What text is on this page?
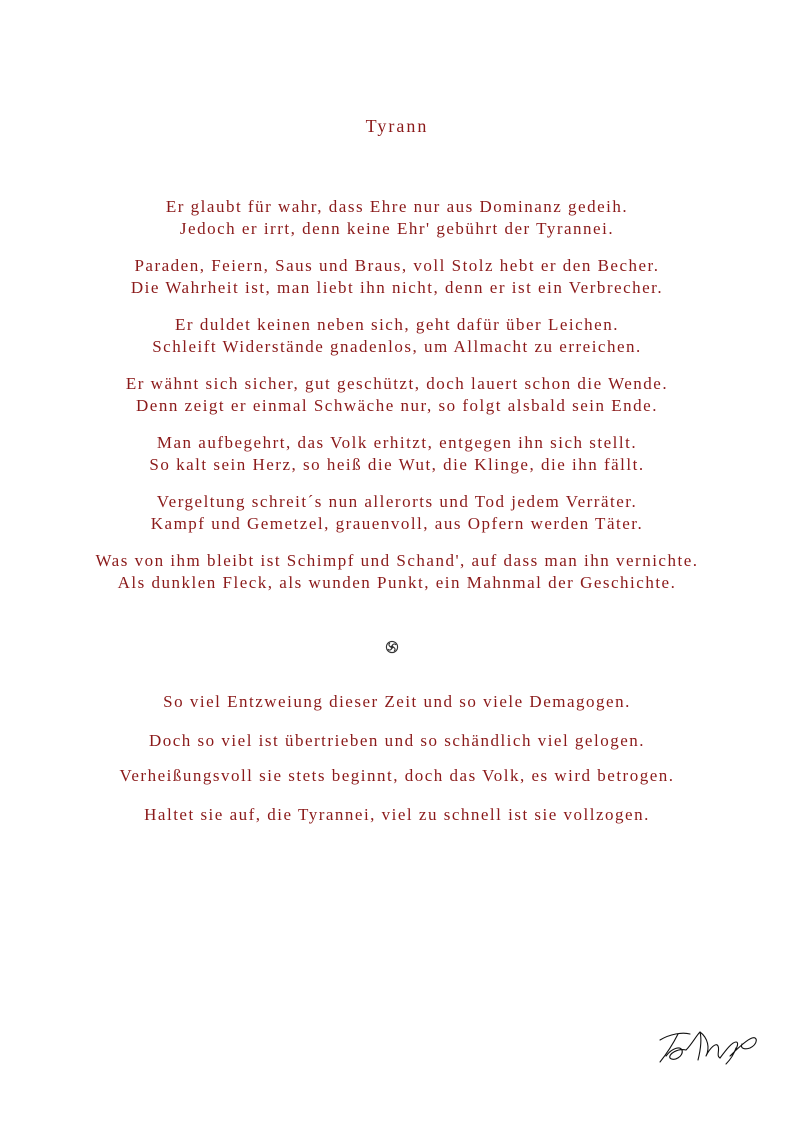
Tyrann
Er glaubt für wahr, dass Ehre nur aus Dominanz gedeih.
Jedoch er irrt, denn keine Ehr' gebührt der Tyrannei.
Paraden, Feiern, Saus und Braus, voll Stolz hebt er den Becher.
Die Wahrheit ist, man liebt ihn nicht, denn er ist ein Verbrecher.
Er duldet keinen neben sich, geht dafür über Leichen.
Schleift Widerstände gnadenlos, um Allmacht zu erreichen.
Er wähnt sich sicher, gut geschützt, doch lauert schon die Wende.
Denn zeigt er einmal Schwäche nur, so folgt alsbald sein Ende.
Man aufbegehrt, das Volk erhitzt, entgegen ihn sich stellt.
So kalt sein Herz, so heiß die Wut, die Klinge, die ihn fällt.
Vergeltung schreit´s nun allerorts und Tod jedem Verräter.
Kampf und Gemetzel, grauenvoll, aus Opfern werden Täter.
Was von ihm bleibt ist Schimpf und Schand', auf dass man ihn vernichte.
Als dunklen Fleck, als wunden Punkt, ein Mahnmal der Geschichte.
So viel Entzweiung dieser Zeit und so viele Demagogen.
Doch so viel ist übertrieben und so schändlich viel gelogen.
Verheißungsvoll sie stets beginnt, doch das Volk, es wird betrogen.
Haltet sie auf, die Tyrannei, viel zu schnell ist sie vollzogen.
